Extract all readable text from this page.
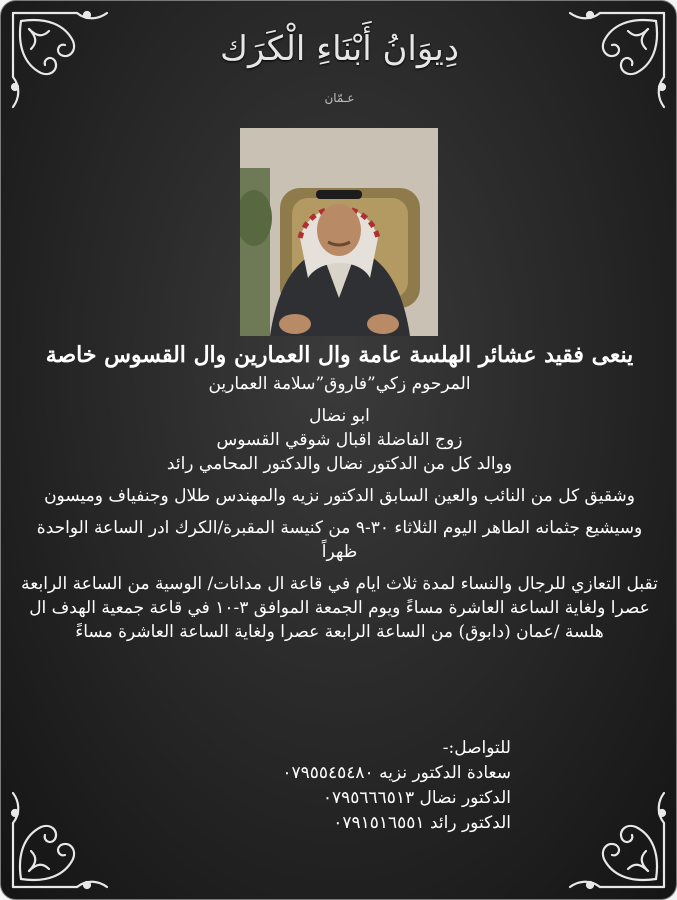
دِيوَانُ أَبْنَاءِ الْكَرَك
عـمّان

ينعى فقيد عشائر الهلسة عامة وال العمارين وال القسوس خاصة

المرحوم زكي”فاروق”سلامة العمارين

ابو نضال

زوج الفاضلة اقبال شوقي القسوس

ووالد كل من الدكتور نضال والدكتور المحامي رائد

وشقيق كل من النائب والعين السابق الدكتور نزيه والمهندس طلال وجنفياف وميسون

وسيشيع جثمانه الطاهر اليوم الثلاثاء ٣٠-٩ من كنيسة المقبرة/الكرك ادر الساعة الواحدة ظهراً

تقبل التعازي للرجال والنساء لمدة ثلاث ايام في قاعة ال مدانات/ الوسية من الساعة الرابعة عصرا ولغاية الساعة العاشرة مساءً ويوم الجمعة الموافق ٣-١٠ في قاعة جمعية الهدف ال هلسة /عمان (دابوق) من الساعة الرابعة عصرا ولغاية الساعة العاشرة مساءً

للتواصل:-

سعادة الدكتور نزيه ٠٧٩٥٥٤٥٤٨٠

الدكتور نضال ٠٧٩٥٦٦٦٥١٣

الدكتور رائد ٠٧٩١٥١٦٥٥١
